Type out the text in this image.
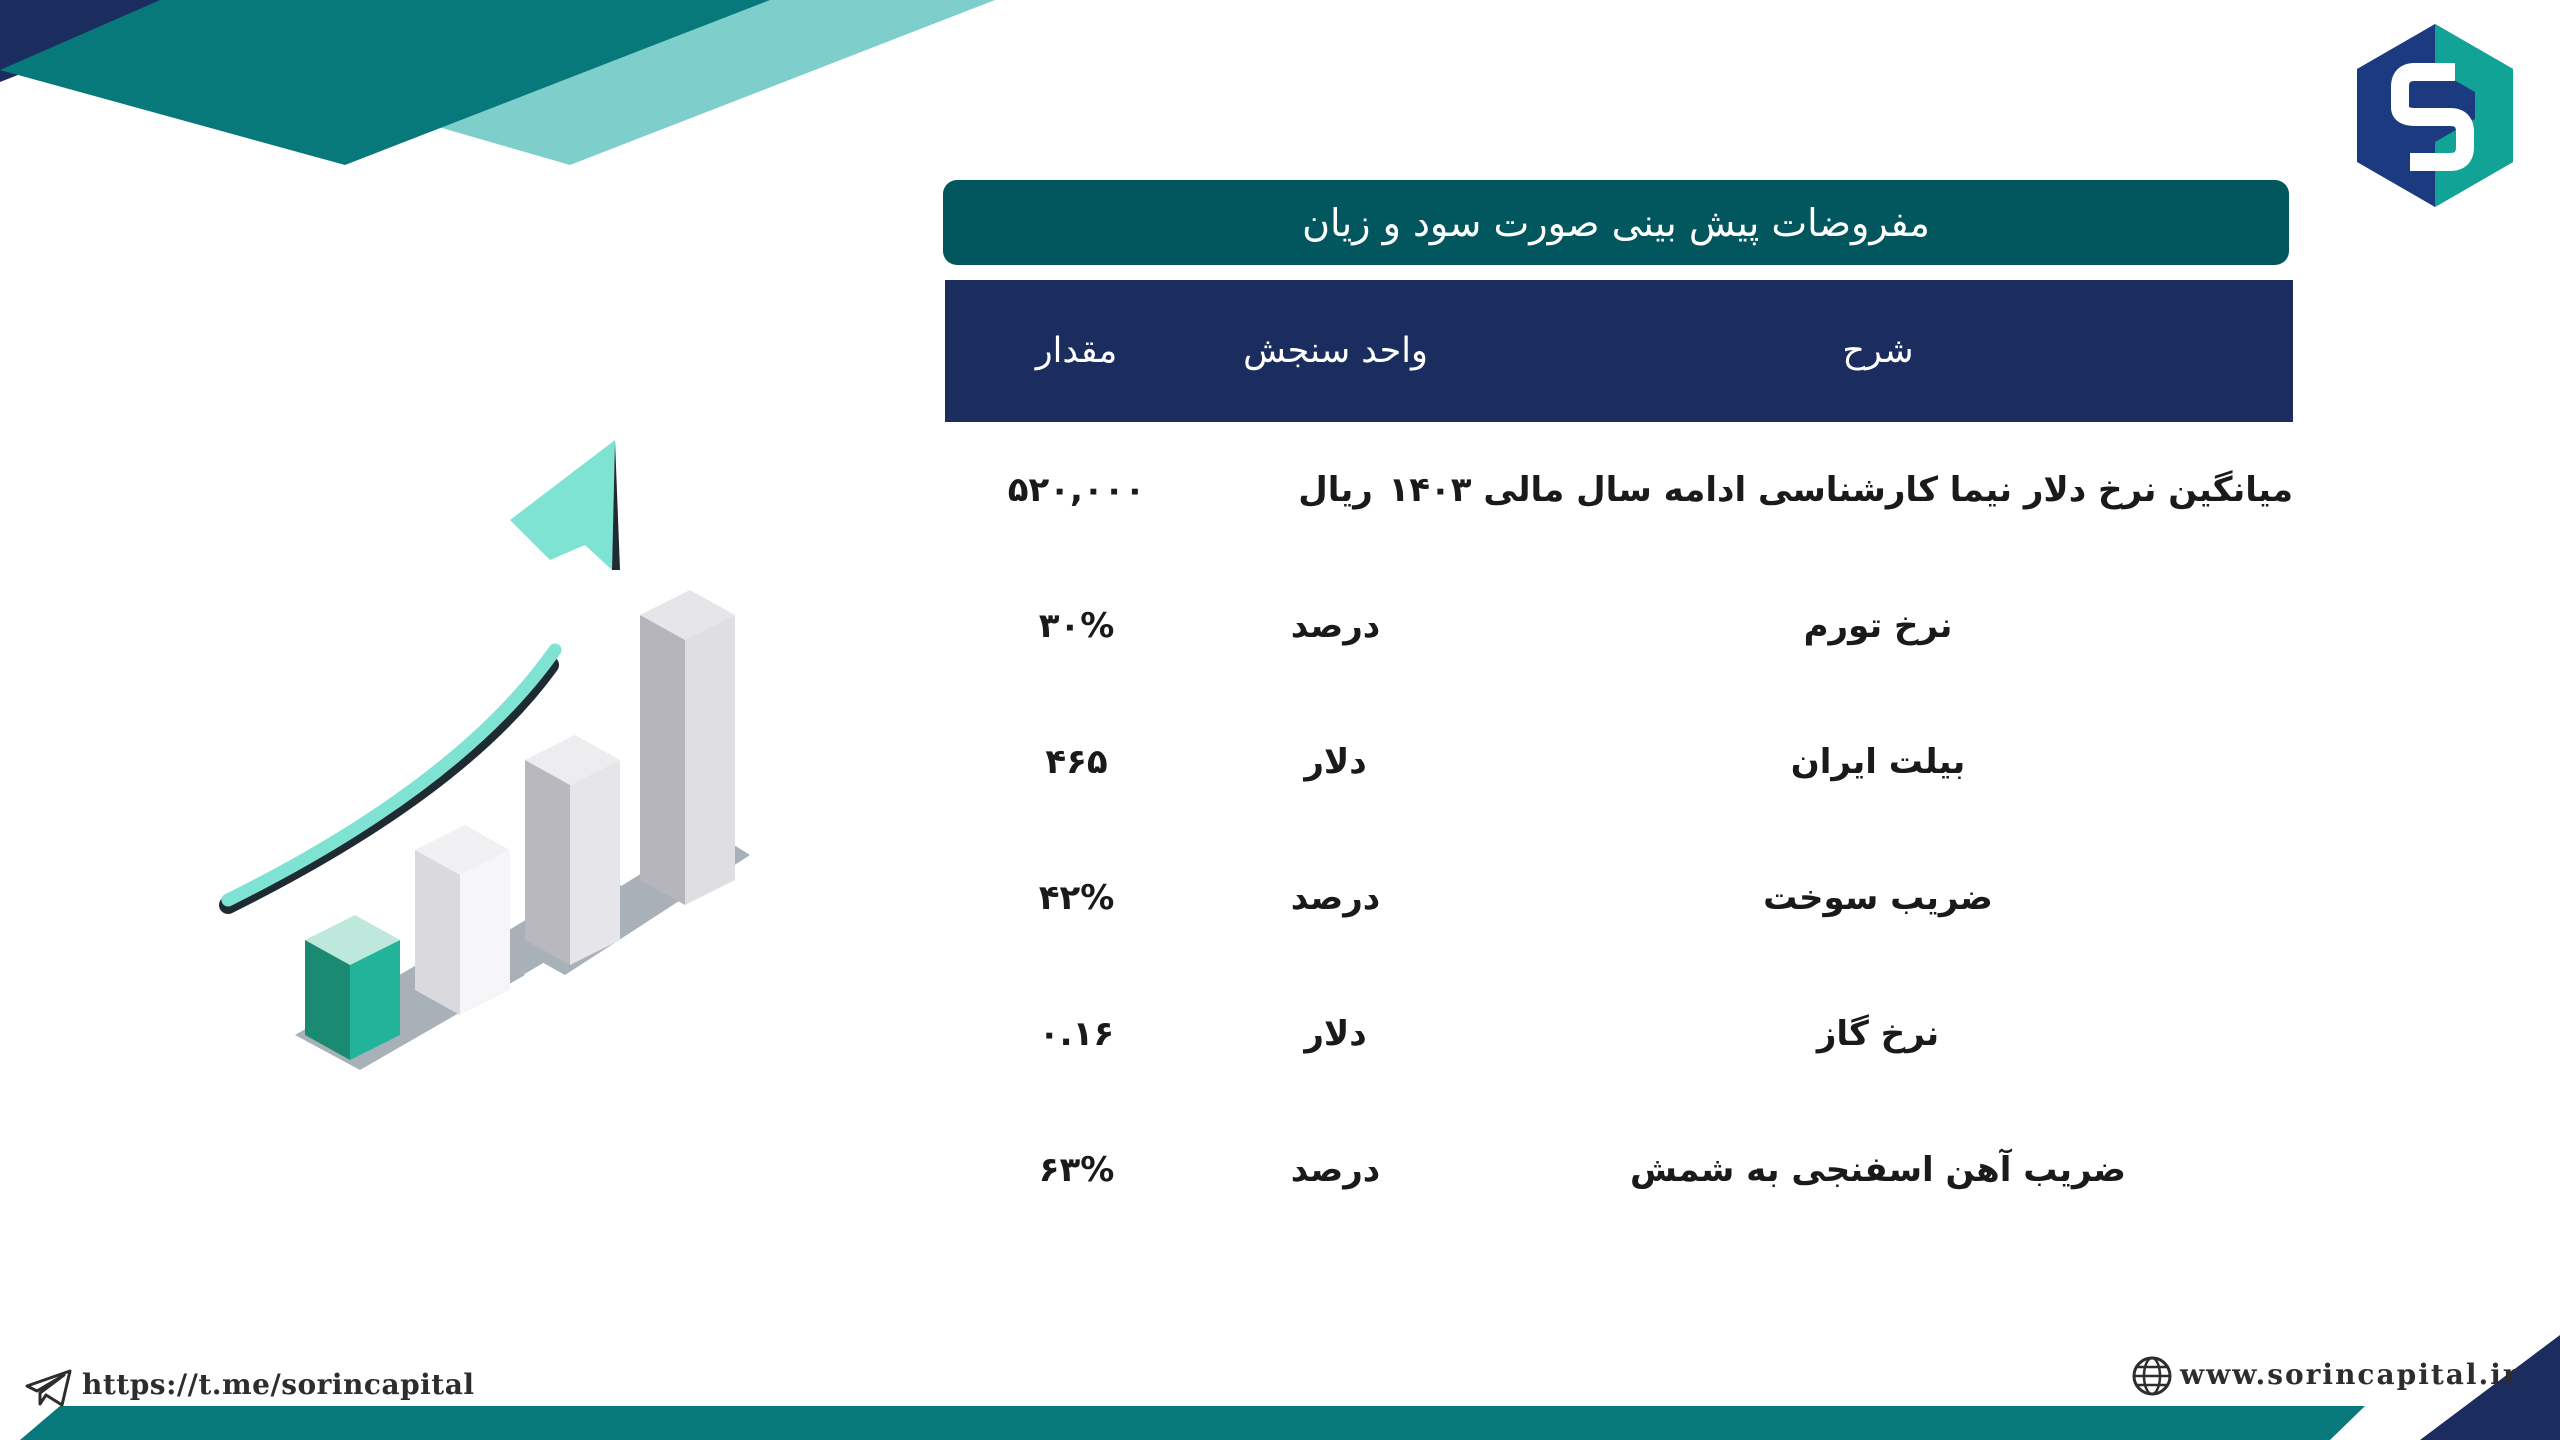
مفروضات پیش بینی صورت سود و زیان
شرح
واحد سنجش
مقدار
میانگین نرخ دلار نیما کارشناسی ادامه سال مالی ۱۴۰۳
ریال
۵۲۰,۰۰۰
نرخ تورم
درصد
۳۰%
بیلت ایران
دلار
۴۶۵
ضریب سوخت
درصد
۴۲%
نرخ گاز
دلار
۰.۱۶
ضریب آهن اسفنجی به شمش
درصد
۶۳%
https://t.me/sorincapital	www.sorincapital.ir
